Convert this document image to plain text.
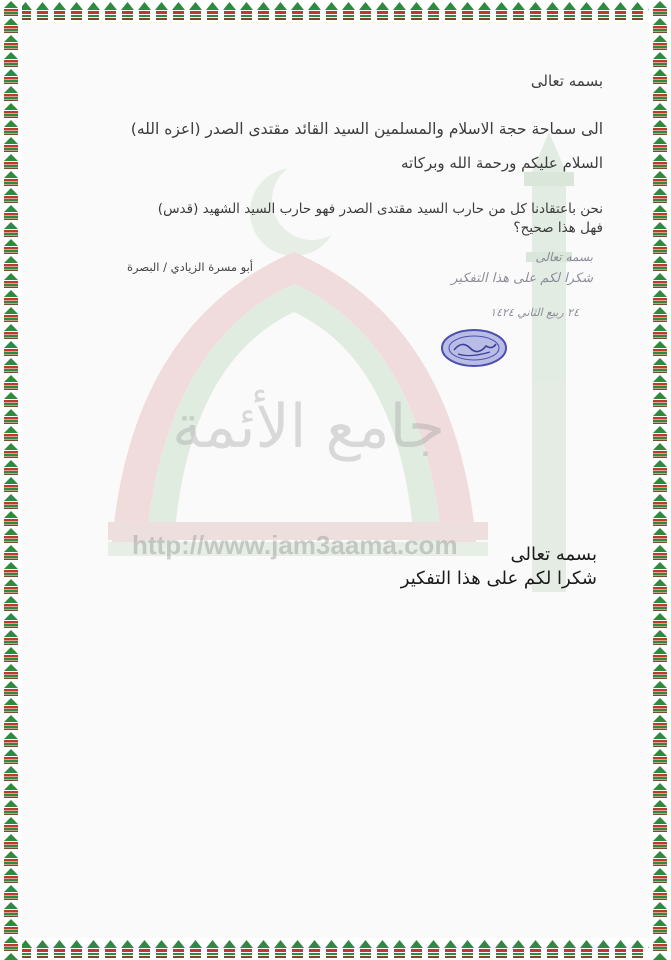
جامع الأئمة
http://www.jam3aama.com

بسمه تعالى

الى سماحة حجة الاسلام والمسلمين السيد القائد مقتدى الصدر (اعزه الله)

السلام عليكم ورحمة الله وبركاته

نحن باعتقادنا كل من حارب السيد مقتدى الصدر فهو حارب السيد الشهيد (قدس)
فهل هذا صحيح؟

أبو مسرة الزيادي / البصرة

بسمه تعالى
شكرا لكم على هذا التفكير
٢٤ ربيع الثاني ١٤٢٤

بسمه تعالى

شكرا لكم على هذا التفكير
